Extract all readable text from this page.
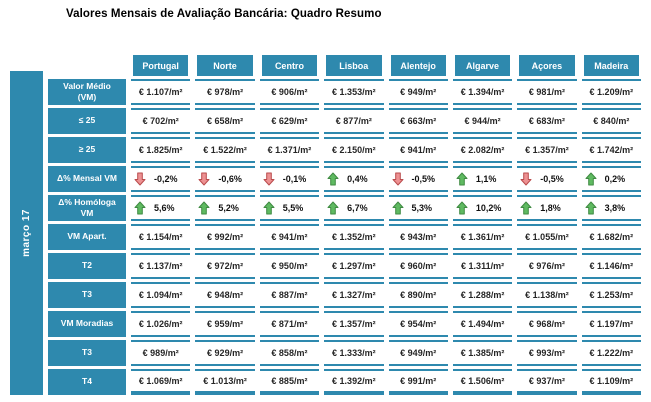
Valores Mensais de Avaliação Bancária: Quadro Resumo
março 17
Portugal	Norte	Centro	Lisboa	Alentejo	Algarve	Açores	Madeira
Valor Médio (VM)	€ 1.107/m²	€ 978/m²	€ 906/m²	€ 1.353/m²	€ 949/m²	€ 1.394/m²	€ 981/m²	€ 1.209/m²
≤ 25	€ 702/m²	€ 658/m²	€ 629/m²	€ 877/m²	€ 663/m²	€ 944/m²	€ 683/m²	€ 840/m²
≥ 25	€ 1.825/m²	€ 1.522/m²	€ 1.371/m²	€ 2.150/m²	€ 941/m²	€ 2.082/m²	€ 1.357/m²	€ 1.742/m²
Δ% Mensal VM	-0,2%	-0,6%	-0,1%	0,4%	-0,5%	1,1%	-0,5%	0,2%
Δ% Homóloga VM	5,6%	5,2%	5,5%	6,7%	5,3%	10,2%	1,8%	3,8%
VM Apart.	€ 1.154/m²	€ 992/m²	€ 941/m²	€ 1.352/m²	€ 943/m²	€ 1.361/m²	€ 1.055/m²	€ 1.682/m²
T2	€ 1.137/m²	€ 972/m²	€ 950/m²	€ 1.297/m²	€ 960/m²	€ 1.311/m²	€ 976/m²	€ 1.146/m²
T3	€ 1.094/m²	€ 948/m²	€ 887/m²	€ 1.327/m²	€ 890/m²	€ 1.288/m²	€ 1.138/m²	€ 1.253/m²
VM Moradias	€ 1.026/m²	€ 959/m²	€ 871/m²	€ 1.357/m²	€ 954/m²	€ 1.494/m²	€ 968/m²	€ 1.197/m²
T3	€ 989/m²	€ 929/m²	€ 858/m²	€ 1.333/m²	€ 949/m²	€ 1.385/m²	€ 993/m²	€ 1.222/m²
T4	€ 1.069/m²	€ 1.013/m²	€ 885/m²	€ 1.392/m²	€ 991/m²	€ 1.506/m²	€ 937/m²	€ 1.109/m²
